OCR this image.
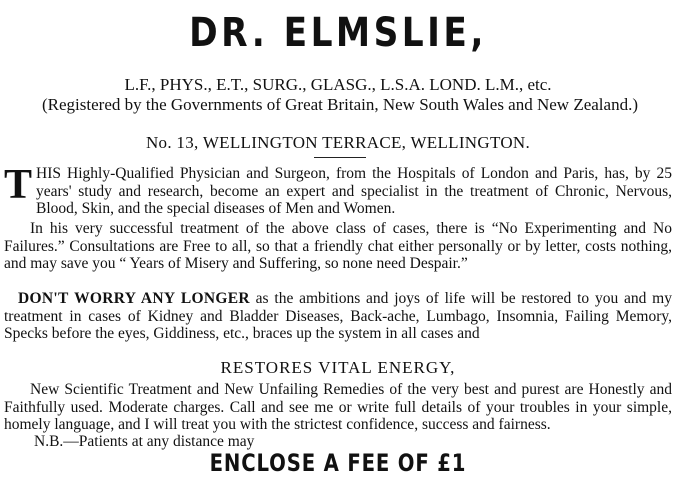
DR. ELMSLIE,
L.F., PHYS., E.T., SURG., GLASG., L.S.A. LOND. L.M., etc.
(Registered by the Governments of Great Britain, New South Wales and New Zealand.)
No. 13, WELLINGTON TERRACE, WELLINGTON.
THIS Highly-Qualified Physician and Surgeon, from the Hospitals of London and Paris, has, by 25 years' study and research, become an expert and specialist in the treatment of Chronic, Nervous, Blood, Skin, and the special diseases of Men and Women.
In his very successful treatment of the above class of cases, there is “No Experimenting and No Failures.” Consultations are Free to all, so that a friendly chat either personally or by letter, costs nothing, and may save you “ Years of Misery and Suffering, so none need Despair.”
DON'T WORRY ANY LONGER as the ambitions and joys of life will be restored to you and my treatment in cases of Kidney and Bladder Diseases, Back-ache, Lumbago, Insomnia, Failing Memory, Specks before the eyes, Giddiness, etc., braces up the system in all cases and
RESTORES VITAL ENERGY,
New Scientific Treatment and New Unfailing Remedies of the very best and purest are Honestly and Faithfully used. Moderate charges. Call and see me or write full details of your troubles in your simple, homely language, and I will treat you with the strictest confidence, success and fairness.
N.B.—Patients at any distance may
ENCLOSE A FEE OF £1
